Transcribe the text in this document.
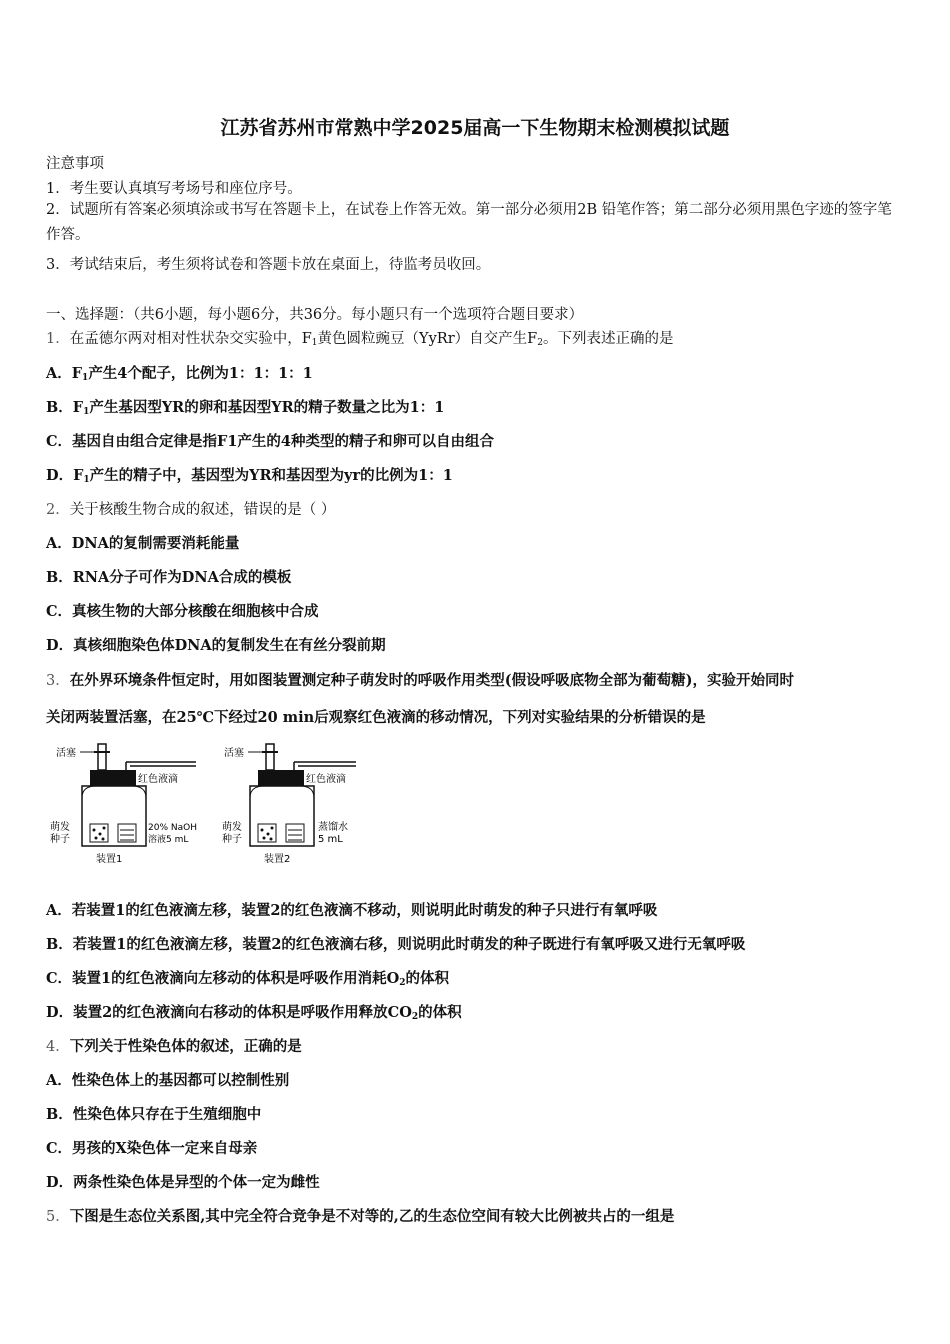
江苏省苏州市常熟中学2025届高一下生物期末检测模拟试题
注意事项
1．考生要认真填写考场号和座位序号。
2．试题所有答案必须填涂或书写在答题卡上，在试卷上作答无效。第一部分必须用2B 铅笔作答；第二部分必须用黑色字迹的签字笔作答。
3．考试结束后，考生须将试卷和答题卡放在桌面上，待监考员收回。
一、选择题：（共6小题，每小题6分，共36分。每小题只有一个选项符合题目要求）
1．在孟德尔两对相对性状杂交实验中，$F_1$黄色圆粒豌豆（YyRr）自交产生$F_2$。下列表述正确的是
A．$F_1$产生4个配子，比例为1：1：1：1
B．$F_1$产生基因型YR的卵和基因型YR的精子数量之比为1：1
C．基因自由组合定律是指F1产生的4种类型的精子和卵可以自由组合
D．$F_1$产生的精子中，基因型为YR和基因型为yr的比例为1：1
2．关于核酸生物合成的叙述，错误的是（ ）
A．DNA的复制需要消耗能量
B．RNA分子可作为DNA合成的模板
C．真核生物的大部分核酸在细胞核中合成
D．真核细胞染色体DNA的复制发生在有丝分裂前期
3．在外界环境条件恒定时，用如图装置测定种子萌发时的呼吸作用类型(假设呼吸底物全部为葡萄糖)，实验开始同时
关闭两装置活塞，在25℃下经过20 min后观察红色液滴的移动情况，下列对实验结果的分析错误的是
活塞
红色液滴
萌发
种子
20% NaOH
溶液5 mL
装置1
活塞
红色液滴
萌发
种子
蒸馏水
5 mL
装置2
A．若装置1的红色液滴左移，装置2的红色液滴不移动，则说明此时萌发的种子只进行有氧呼吸
B．若装置1的红色液滴左移，装置2的红色液滴右移，则说明此时萌发的种子既进行有氧呼吸又进行无氧呼吸
C．装置1的红色液滴向左移动的体积是呼吸作用消耗$O_2$的体积
D．装置2的红色液滴向右移动的体积是呼吸作用释放$CO_2$的体积
4．下列关于性染色体的叙述，正确的是
A．性染色体上的基因都可以控制性别
B．性染色体只存在于生殖细胞中
C．男孩的X染色体一定来自母亲
D．两条性染色体是异型的个体一定为雌性
5．下图是生态位关系图,其中完全符合竞争是不对等的,乙的生态位空间有较大比例被共占的一组是
